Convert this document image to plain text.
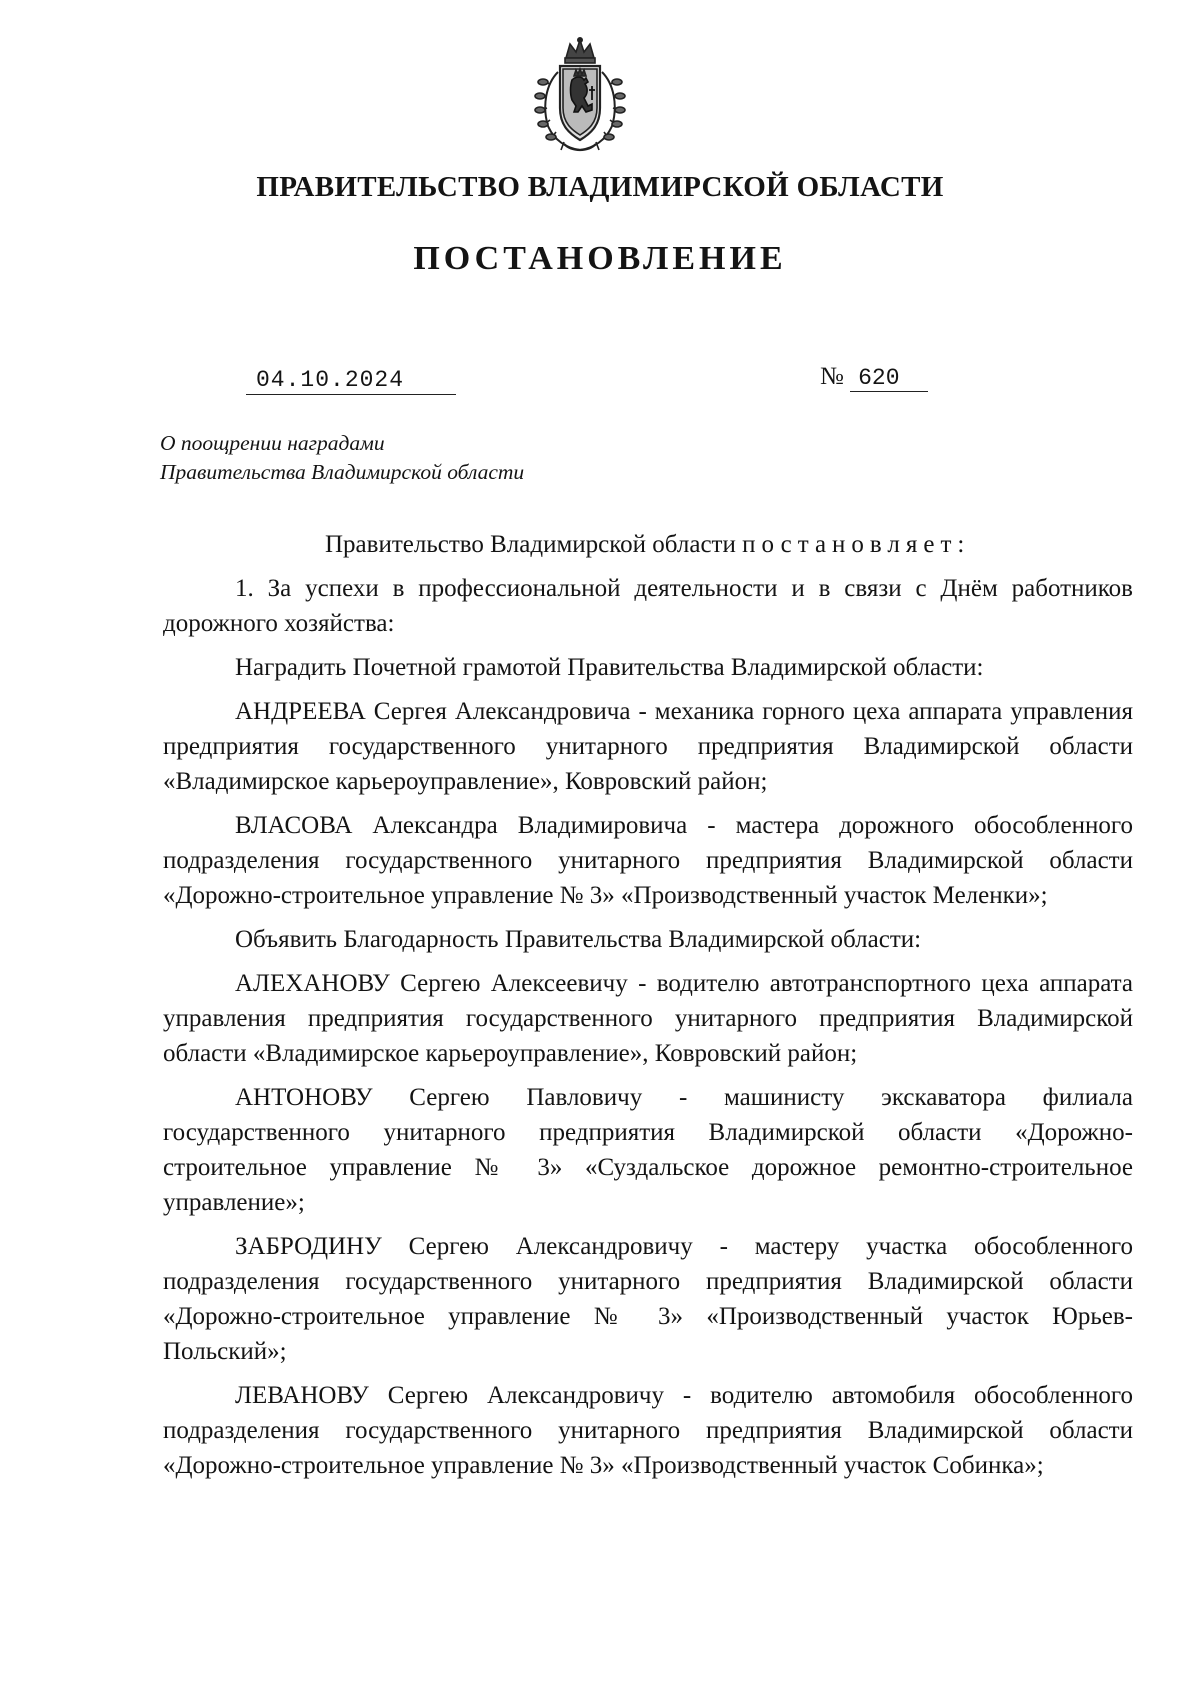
ПРАВИТЕЛЬСТВО ВЛАДИМИРСКОЙ ОБЛАСТИ
ПОСТАНОВЛЕНИЕ
04.10.2024	№ 620
О поощрении наградами
Правительства Владимирской области

Правительство Владимирской области постановляет:

1. За успехи в профессиональной деятельности и в связи с Днём работников дорожного хозяйства:

Наградить Почетной грамотой Правительства Владимирской области:

АНДРЕЕВА Сергея Александровича - механика горного цеха аппарата управления предприятия государственного унитарного предприятия Владимирской области «Владимирское карьероуправление», Ковровский район;

ВЛАСОВА Александра Владимировича - мастера дорожного обособленного подразделения государственного унитарного предприятия Владимирской области «Дорожно-строительное управление № 3» «Производственный участок Меленки»;

Объявить Благодарность Правительства Владимирской области:

АЛЕХАНОВУ Сергею Алексеевичу - водителю автотранспортного цеха аппарата управления предприятия государственного унитарного предприятия Владимирской области «Владимирское карьероуправление», Ковровский район;

АНТОНОВУ Сергею Павловичу - машинисту экскаватора филиала государственного унитарного предприятия Владимирской области «Дорожно-строительное управление № 3» «Суздальское дорожное ремонтно-строительное управление»;

ЗАБРОДИНУ Сергею Александровичу - мастеру участка обособленного подразделения государственного унитарного предприятия Владимирской области «Дорожно-строительное управление № 3» «Производственный участок Юрьев-Польский»;

ЛЕВАНОВУ Сергею Александровичу - водителю автомобиля обособленного подразделения государственного унитарного предприятия Владимирской области «Дорожно-строительное управление № 3» «Производственный участок Собинка»;
